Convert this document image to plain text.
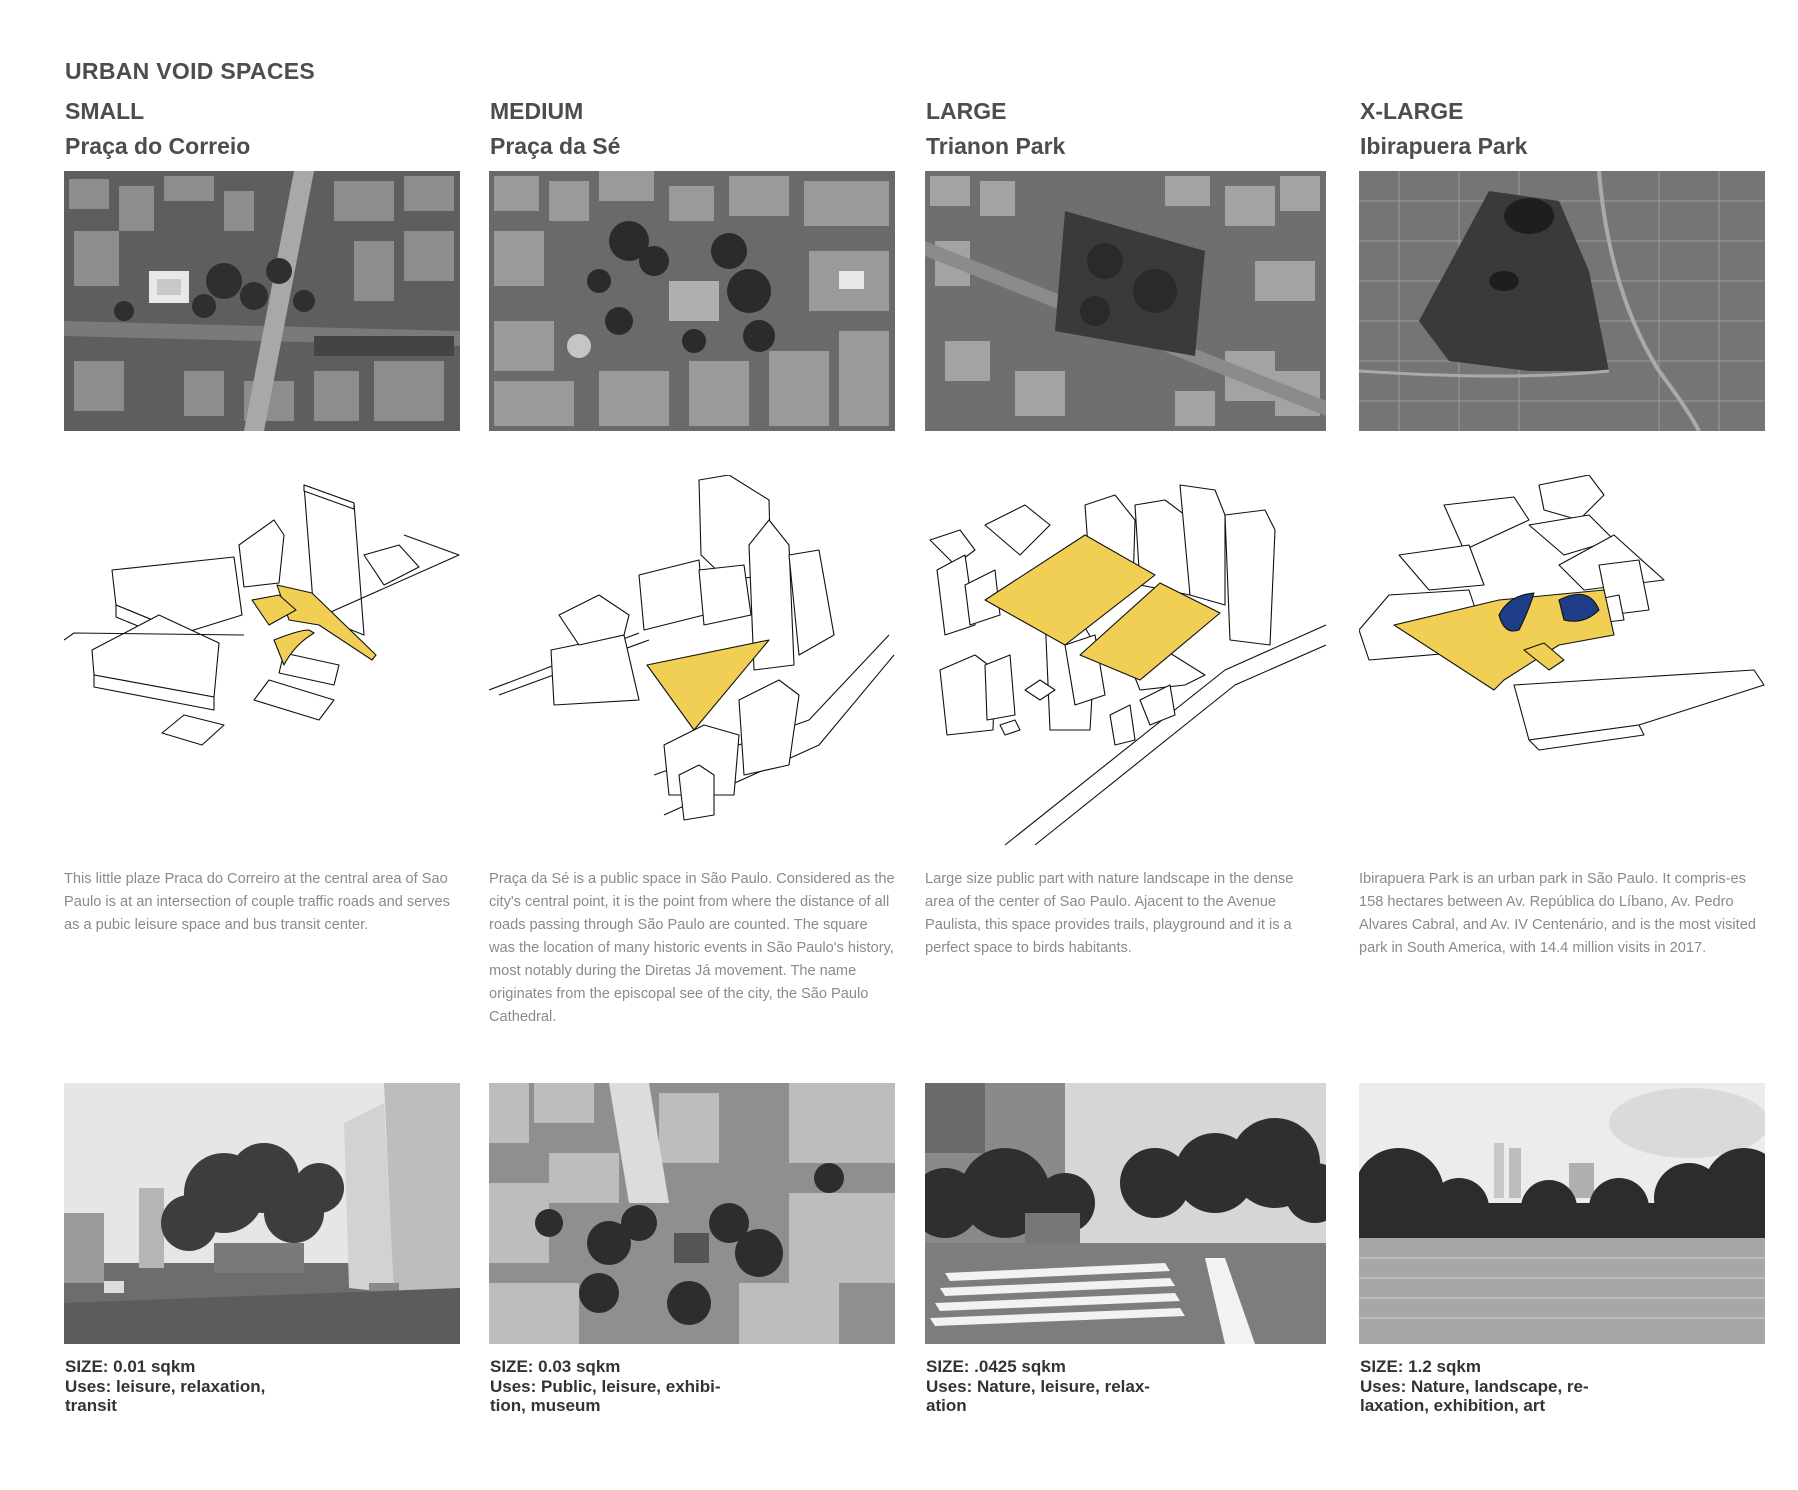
URBAN VOID SPACES
SMALL
Praça do Correio
This little plaze Praca do Correiro at the central area of Sao Paulo is at an intersection of couple traffic roads and serves as a pubic leisure space and bus transit center.
SIZE: 0.01 sqkm
Uses: leisure, relaxation,
transit
MEDIUM
Praça da Sé
Praça da Sé is a public space in São Paulo. Considered as the city's central point, it is the point from where the distance of all roads passing through São Paulo are counted. The square was the location of many historic events in São Paulo's history, most notably during the Diretas Já movement. The name originates from the episcopal see of the city, the São Paulo Cathedral.
SIZE: 0.03 sqkm
Uses: Public, leisure, exhibi-
tion, museum
LARGE
Trianon Park
Large size public part with nature landscape in the dense area of the center of Sao Paulo. Ajacent to the Avenue Paulista, this space provides trails, playground and it is a perfect space to birds habitants.
SIZE: .0425 sqkm
Uses: Nature, leisure, relax-
ation
X-LARGE
Ibirapuera Park
Ibirapuera Park is an urban park in São Paulo. It compris-es 158 hectares between Av. República do Líbano, Av. Pedro Alvares Cabral, and Av. IV Centenário, and is the most visited park in South America, with 14.4 million visits in 2017.
SIZE: 1.2 sqkm
Uses: Nature, landscape, re-
laxation, exhibition, art
